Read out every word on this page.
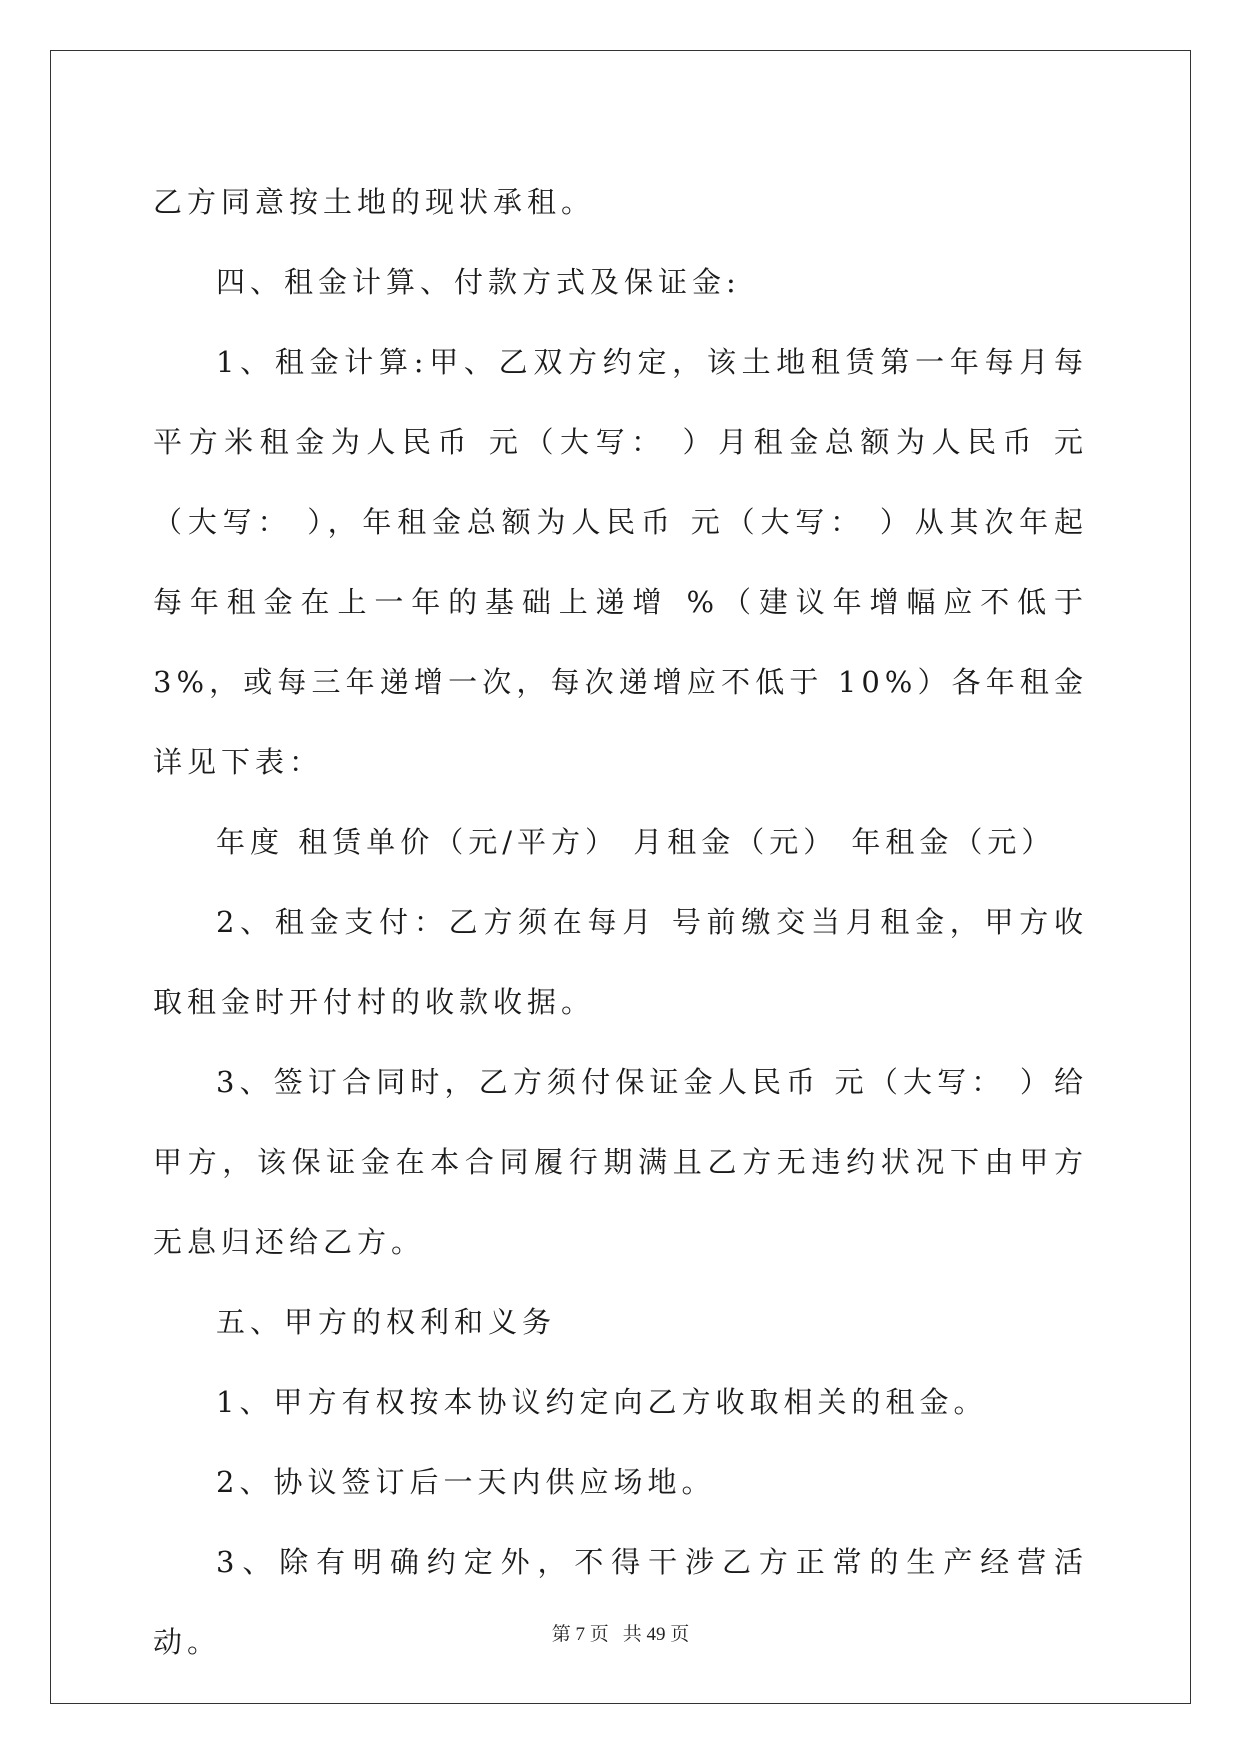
乙方同意按土地的现状承租。

四、租金计算、付款方式及保证金:

1、租金计算:甲、乙双方约定，该土地租赁第一年每月每平方米租金为人民币 元（大写： ）月租金总额为人民币 元（大写： ），年租金总额为人民币 元（大写： ）从其次年起每年租金在上一年的基础上递增 %（建议年增幅应不低于 3%，或每三年递增一次，每次递增应不低于 10%）各年租金详见下表：

年度 租赁单价（元/平方） 月租金（元） 年租金（元）

2、租金支付：乙方须在每月 号前缴交当月租金，甲方收取租金时开付村的收款收据。

3、签订合同时，乙方须付保证金人民币 元（大写： ）给甲方，该保证金在本合同履行期满且乙方无违约状况下由甲方无息归还给乙方。

五、甲方的权利和义务

1、甲方有权按本协议约定向乙方收取相关的租金。

2、协议签订后一天内供应场地。

3、除有明确约定外，不得干涉乙方正常的生产经营活动。	第 7 页 共 49 页
